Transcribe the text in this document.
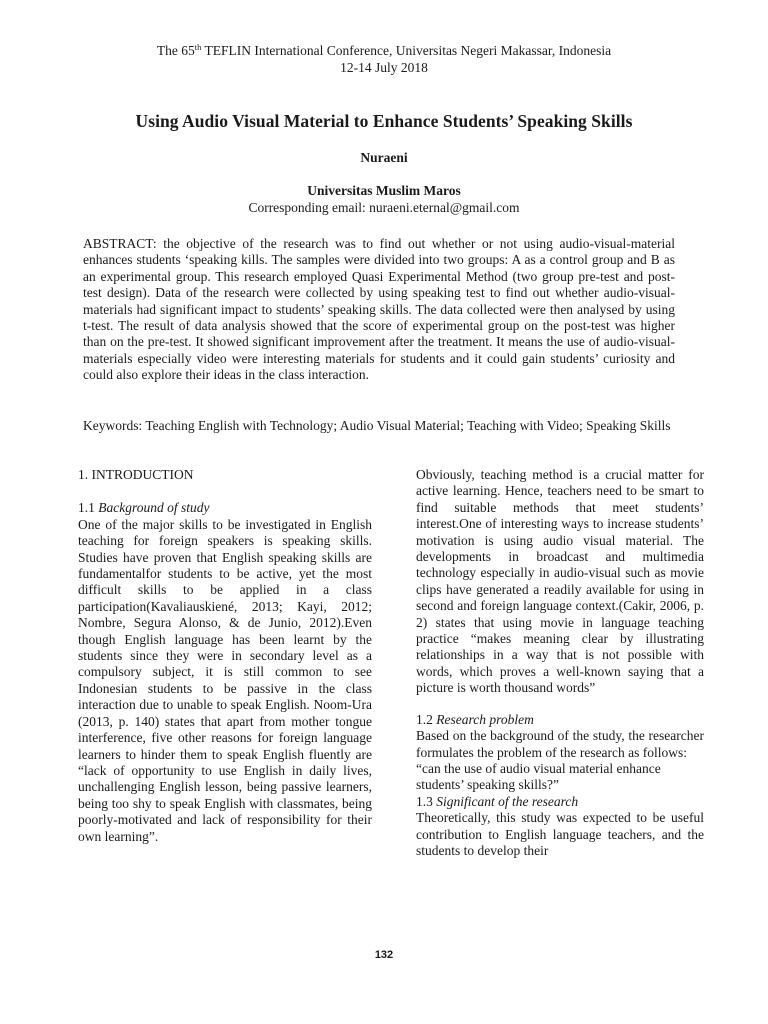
The 65th TEFLIN International Conference, Universitas Negeri Makassar, Indonesia
12-14 July 2018
Using Audio Visual Material to Enhance Students’ Speaking Skills
Nuraeni
Universitas Muslim Maros
Corresponding email: nuraeni.eternal@gmail.com
ABSTRACT: the objective of the research was to find out whether or not using audio-visual-material enhances students ‘speaking kills. The samples were divided into two groups: A as a control group and B as an experimental group. This research employed Quasi Experimental Method (two group pre-test and post-test design). Data of the research were collected by using speaking test to find out whether audio-visual-materials had significant impact to students’ speaking skills. The data collected were then analysed by using t-test. The result of data analysis showed that the score of experimental group on the post-test was higher than on the pre-test. It showed significant improvement after the treatment. It means the use of audio-visual-materials especially video were interesting materials for students and it could gain students’ curiosity and could also explore their ideas in the class interaction.
Keywords: Teaching English with Technology; Audio Visual Material; Teaching with Video; Speaking Skills

1. INTRODUCTION

1.1 Background of study

One of the major skills to be investigated in English teaching for foreign speakers is speaking skills. Studies have proven that English speaking skills are fundamentalfor students to be active, yet the most difficult skills to be applied in a class participation(Kavaliauskiené, 2013; Kayi, 2012; Nombre, Segura Alonso, & de Junio, 2012).Even though English language has been learnt by the students since they were in secondary level as a compulsory subject, it is still common to see Indonesian students to be passive in the class interaction due to unable to speak English. Noom-Ura (2013, p. 140) states that apart from mother tongue interference, five other reasons for foreign language learners to hinder them to speak English fluently are “lack of opportunity to use English in daily lives, unchallenging English lesson, being passive learners, being too shy to speak English with classmates, being poorly-motivated and lack of responsibility for their own learning”.

Obviously, teaching method is a crucial matter for active learning. Hence, teachers need to be smart to find suitable methods that meet students’ interest.One of interesting ways to increase students’ motivation is using audio visual material. The developments in broadcast and multimedia technology especially in audio-visual such as movie clips have generated a readily available for using in second and foreign language context.(Cakir, 2006, p. 2) states that using movie in language teaching practice “makes meaning clear by illustrating relationships in a way that is not possible with words, which proves a well-known saying that a picture is worth thousand words”

1.2 Research problem

Based on the background of the study, the researcher formulates the problem of the research as follows:

“can the use of audio visual material enhance students’ speaking skills?”

1.3 Significant of the research

Theoretically, this study was expected to be useful contribution to English language teachers, and the students to develop their

132
